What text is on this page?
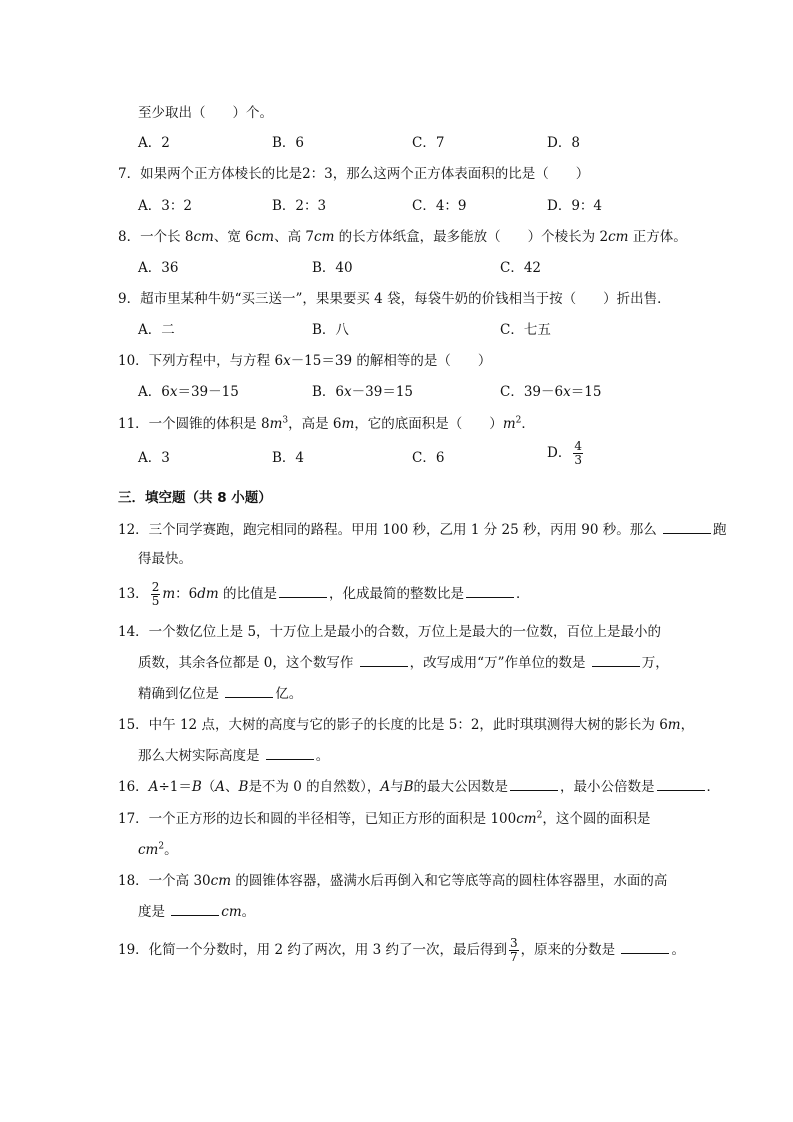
至少取出（　　）个。
A．2	B．6	C．7	D．8
7．如果两个正方体棱长的比是2：3，那么这两个正方体表面积的比是（　　）
A．3：2	B．2：3	C．4：9	D．9：4
8．一个长 8cm、宽 6cm、高 7cm 的长方体纸盒，最多能放（　　）个棱长为 2cm 正方体。
A．36	B．40	C．42
9．超市里某种牛奶“买三送一”，果果要买 4 袋，每袋牛奶的价钱相当于按（　　）折出售．
A．二	B．八	C．七五
10．下列方程中，与方程 6x－15＝39 的解相等的是（　　）
A．6x＝39－15	B．6x－39＝15	C．39－6x＝15
11．一个圆锥的体积是 $8m^3$，高是 6m，它的底面积是（　　）$m^2$．
A．3	B．4	C．6	D． $\frac{4}{3}$
三．填空题（共 8 小题）
12．三个同学赛跑，跑完相同的路程。甲用 100 秒，乙用 1 分 25 秒，丙用 90 秒。那么	跑
得最快。
13． $\frac{2}{5}$ m：6dm 的比值是	，化成最简的整数比是	．
14．一个数亿位上是 5，十万位上是最小的合数，万位上是最大的一位数，百位上是最小的
质数，其余各位都是 0，这个数写作	，改写成用“万”作单位的数是	万，
精确到亿位是	亿。
15．中午 12 点，大树的高度与它的影子的长度的比是 5：2，此时琪琪测得大树的影长为 6m，
那么大树实际高度是	。
16．A÷1＝B（A、B是不为 0 的自然数），A与B的最大公因数是	，最小公倍数是	．
17．一个正方形的边长和圆的半径相等，已知正方形的面积是 $100cm^2$，这个圆的面积是
$cm^2$。
18．一个高 30cm 的圆锥体容器，盛满水后再倒入和它等底等高的圆柱体容器里，水面的高
度是	cm。
19．化简一个分数时，用 2 约了两次，用 3 约了一次，最后得到 $\frac{3}{7}$ ，原来的分数是	。
